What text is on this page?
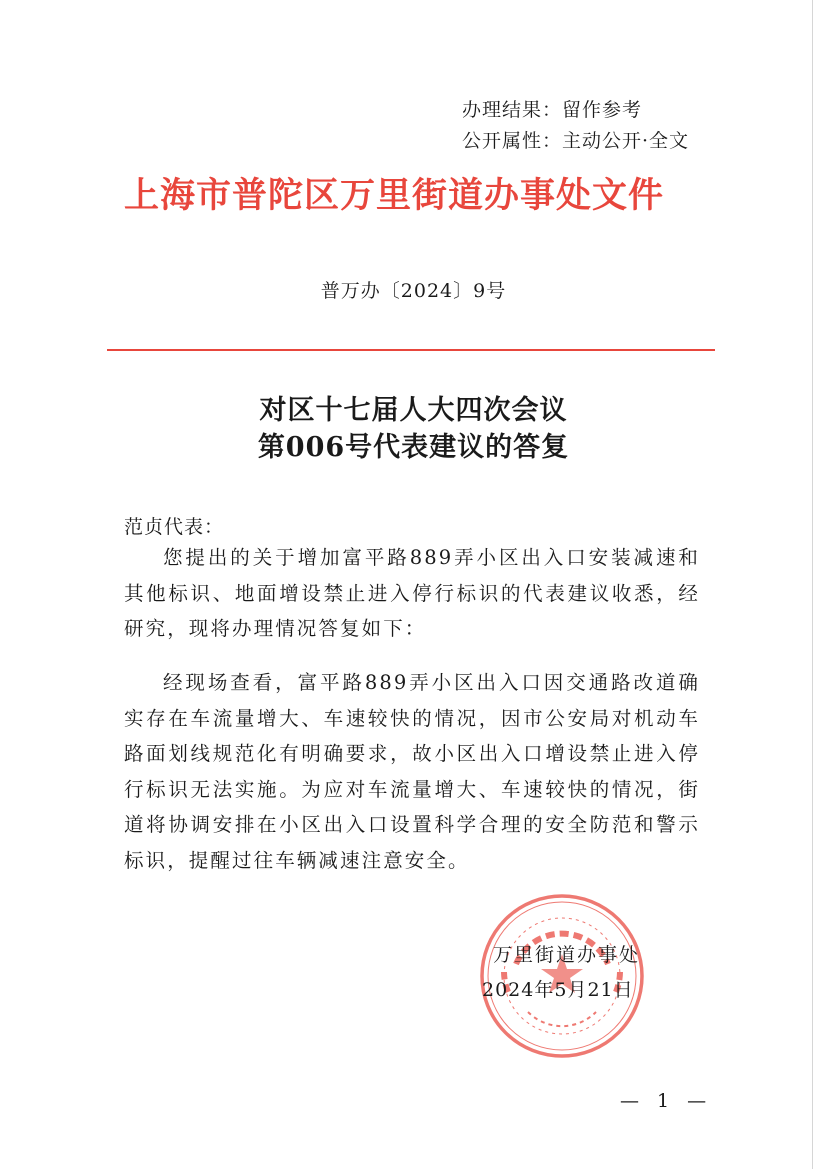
办理结果：留作参考
公开属性：主动公开·全文
上海市普陀区万里街道办事处文件
普万办〔2024〕9号
对区十七届人大四次会议
第006号代表建议的答复
范贞代表：
您提出的关于增加富平路889弄小区出入口安装减速和其他标识、地面增设禁止进入停行标识的代表建议收悉，经研究，现将办理情况答复如下：
经现场查看，富平路889弄小区出入口因交通路改道确实存在车流量增大、车速较快的情况，因市公安局对机动车路面划线规范化有明确要求，故小区出入口增设禁止进入停行标识无法实施。为应对车流量增大、车速较快的情况，街道将协调安排在小区出入口设置科学合理的安全防范和警示标识，提醒过往车辆减速注意安全。
万里街道办事处
2024年5月21日
— 1 —
